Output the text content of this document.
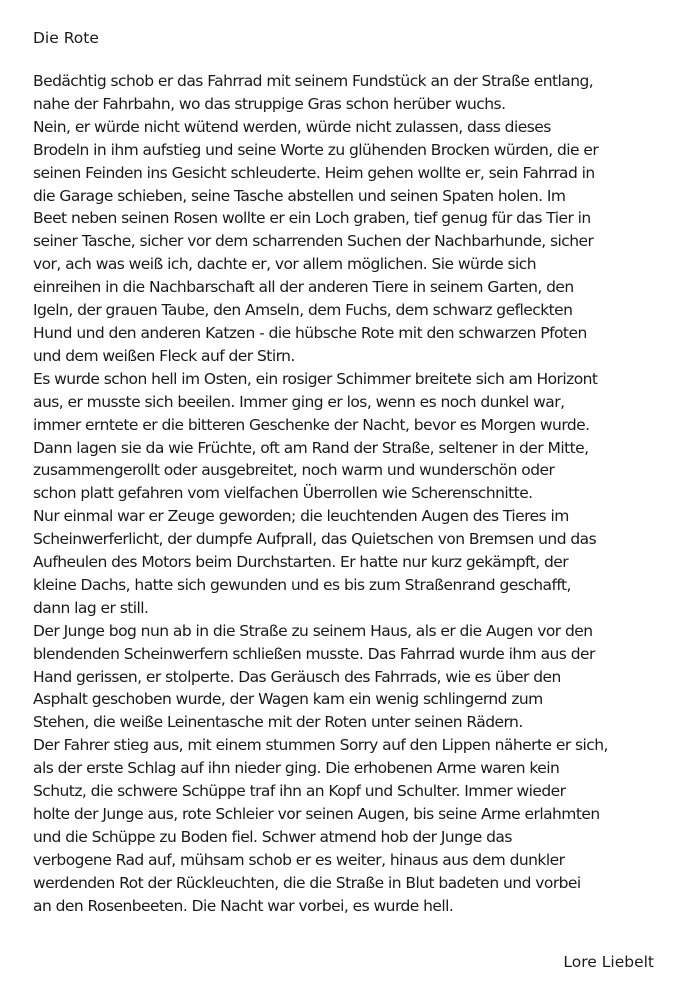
Die Rote
Bedächtig schob er das Fahrrad mit seinem Fundstück an der Straße entlang,
nahe der Fahrbahn, wo das struppige Gras schon herüber wuchs.
Nein, er würde nicht wütend werden, würde nicht zulassen, dass dieses
Brodeln in ihm aufstieg und seine Worte zu glühenden Brocken würden, die er
seinen Feinden ins Gesicht schleuderte. Heim gehen wollte er, sein Fahrrad in
die Garage schieben, seine Tasche abstellen und seinen Spaten holen. Im
Beet neben seinen Rosen wollte er ein Loch graben, tief genug für das Tier in
seiner Tasche, sicher vor dem scharrenden Suchen der Nachbarhunde, sicher
vor, ach was weiß ich, dachte er, vor allem möglichen. Sie würde sich
einreihen in die Nachbarschaft all der anderen Tiere in seinem Garten, den
Igeln, der grauen Taube, den Amseln, dem Fuchs, dem schwarz gefleckten
Hund und den anderen Katzen - die hübsche Rote mit den schwarzen Pfoten
und dem weißen Fleck auf der Stirn.
Es wurde schon hell im Osten, ein rosiger Schimmer breitete sich am Horizont
aus, er musste sich beeilen. Immer ging er los, wenn es noch dunkel war,
immer erntete er die bitteren Geschenke der Nacht, bevor es Morgen wurde.
Dann lagen sie da wie Früchte, oft am Rand der Straße, seltener in der Mitte,
zusammengerollt oder ausgebreitet, noch warm und wunderschön oder
schon platt gefahren vom vielfachen Überrollen wie Scherenschnitte.
Nur einmal war er Zeuge geworden; die leuchtenden Augen des Tieres im
Scheinwerferlicht, der dumpfe Aufprall, das Quietschen von Bremsen und das
Aufheulen des Motors beim Durchstarten. Er hatte nur kurz gekämpft, der
kleine Dachs, hatte sich gewunden und es bis zum Straßenrand geschafft,
dann lag er still.
Der Junge bog nun ab in die Straße zu seinem Haus, als er die Augen vor den
blendenden Scheinwerfern schließen musste. Das Fahrrad wurde ihm aus der
Hand gerissen, er stolperte. Das Geräusch des Fahrrads, wie es über den
Asphalt geschoben wurde, der Wagen kam ein wenig schlingernd zum
Stehen, die weiße Leinentasche mit der Roten unter seinen Rädern.
Der Fahrer stieg aus, mit einem stummen Sorry auf den Lippen näherte er sich,
als der erste Schlag auf ihn nieder ging. Die erhobenen Arme waren kein
Schutz, die schwere Schüppe traf ihn an Kopf und Schulter. Immer wieder
holte der Junge aus, rote Schleier vor seinen Augen, bis seine Arme erlahmten
und die Schüppe zu Boden fiel. Schwer atmend hob der Junge das
verbogene Rad auf, mühsam schob er es weiter, hinaus aus dem dunkler
werdenden Rot der Rückleuchten, die die Straße in Blut badeten und vorbei
an den Rosenbeeten. Die Nacht war vorbei, es wurde hell.
Lore Liebelt
